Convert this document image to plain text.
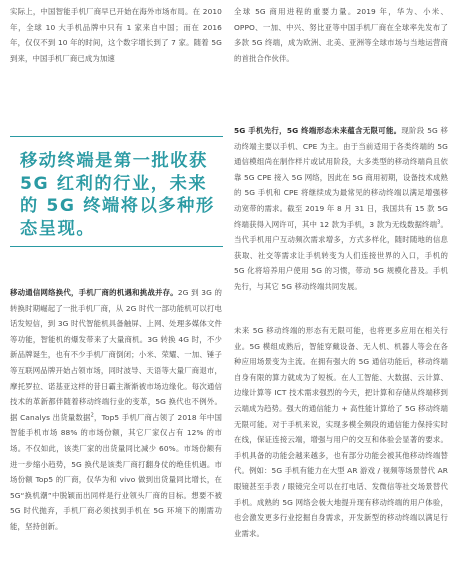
实际上，中国智能手机厂商早已开始在海外市场布局。在 2010 年，全球 10 大手机品牌中只有 1 家来自中国；而在 2016 年，仅仅不到 10 年的时间，这个数字增长到了 7 家。随着 5G 到来，中国手机厂商已成为加速

全球 5G 商用进程的重要力量。2019 年，华为、小米、OPPO、一加、中兴、努比亚等中国手机厂商在全球率先发布了多款 5G 终端，成为欧洲、北美、亚洲等全球市场与当地运营商的首批合作伙伴。

移动终端是第一批收获 5G 红利的行业，未来的 5G 终端将以多种形态呈现。

移动通信网络换代，手机厂商的机遇和挑战并存。2G 到 3G 的转换时期崛起了一批手机厂商，从 2G 时代一部功能机可以打电话发短信，到 3G 时代智能机具备触屏、上网、处理多媒体文件等功能，智能机的爆发带来了大量商机。3G 转换 4G 时，不少新品牌诞生，也有不少手机厂商倒闭；小米、荣耀、一加、锤子等互联网品牌开始占领市场，同时波导、天语等大量厂商退市，摩托罗拉、诺基亚这样的昔日霸主渐渐被市场边缘化。每次通信技术的革新都伴随着移动终端行业的变革，5G 换代也不例外。据 Canalys 出货量数据$^2$，Top5 手机厂商占领了 2018 年中国智能手机市场 88% 的市场份额，其它厂家仅占有 12% 的市场。不仅如此，该类厂家的出货量同比减少 60%。市场份额有进一步缩小趋势，5G 换代是该类厂商打翻身仗的绝佳机遇。市场份额 Top5 的厂商，仅华为和 vivo 做到出货量同比增长，在 5G“换机潮”中脱颖而出同样是行业领头厂商的目标。想要不被 5G 时代抛弃，手机厂商必须找到手机在 5G 环境下的刚需功能，坚持创新。

5G 手机先行，5G 终端形态未来蕴含无限可能。现阶段 5G 移动终端主要以手机、CPE 为主。由于当前适用于各类终端的 5G 通信模组尚在制作样片或试用阶段，大多类型的移动终端尚且依靠 5G CPE 接入 5G 网络，因此在 5G 商用初期，设备技术成熟的 5G 手机和 CPE 将继续成为最常见的移动终端以满足增强移动宽带的需求。截至 2019 年 8 月 31 日，我国共有 15 款 5G 终端获得入网许可，其中 12 款为手机，3 款为无线数据终端$^3$。当代手机用户互动频次需求增多，方式多样化，随时随地的信息获取、社交等需求让手机转变为人们连接世界的入口，手机的 5G 化将培养用户使用 5G 的习惯，带动 5G 规模化普及。手机先行，与其它 5G 移动终端共同发展。

未来 5G 移动终端的形态有无限可能，也将更多应用在相关行业。5G 模组成熟后，智能穿戴设备、无人机、机器人等会在各种应用场景变为主流。在拥有强大的 5G 通信功能后，移动终端自身有限的算力就成为了短板。在人工智能、大数据、云计算、边缘计算等 ICT 技术需求强烈的今天，把计算和存储从终端移到云端成为趋势。强大的通信能力 + 高性能计算给了 5G 移动终端无限可能。对于手机来说，实现多模全频段的通信能力保持实时在线，保证连接云端，增强与用户的交互和体验会显著的要求。手机具备的功能会越来越多，也有部分功能会被其他移动终端替代。例如：5G 手机有能力在大型 AR 游戏 / 视频等场景替代 AR 眼镜甚至手表 / 眼镜完全可以在打电话、发微信等社交场景替代手机。成熟的 5G 网络会极大地提升现有移动终端的用户体验，也会激发更多行业挖掘自身需求，开发新型的移动终端以满足行业需求。
